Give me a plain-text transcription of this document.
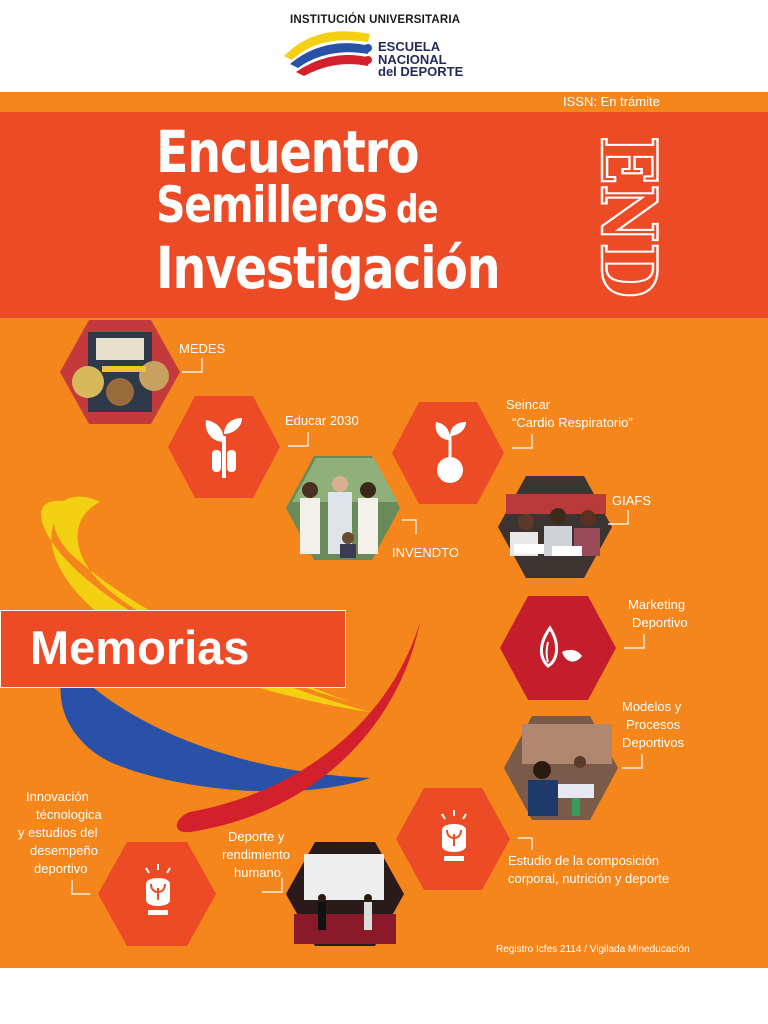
INSTITUCIÓN UNIVERSITARIA
ESCUELA
NACIONAL
del DEPORTE
ISSN: En trámite
Encuentro
Semilleros de
Investigación END
MEDES
Educar 2030
Seincar
“Cardio Respiratorio”
INVENDTO
GIAFS
Marketing
Deportivo
Modelos y
Procesos
Deportivos
Estudio de la composición
corporal, nutrición y deporte
Deporte y
rendimiento
humano
Innovación
técnologica
y estudios del
desempeño
deportivo
Memorias
Registro Icfes 2114 / Vigilada Mineducación
